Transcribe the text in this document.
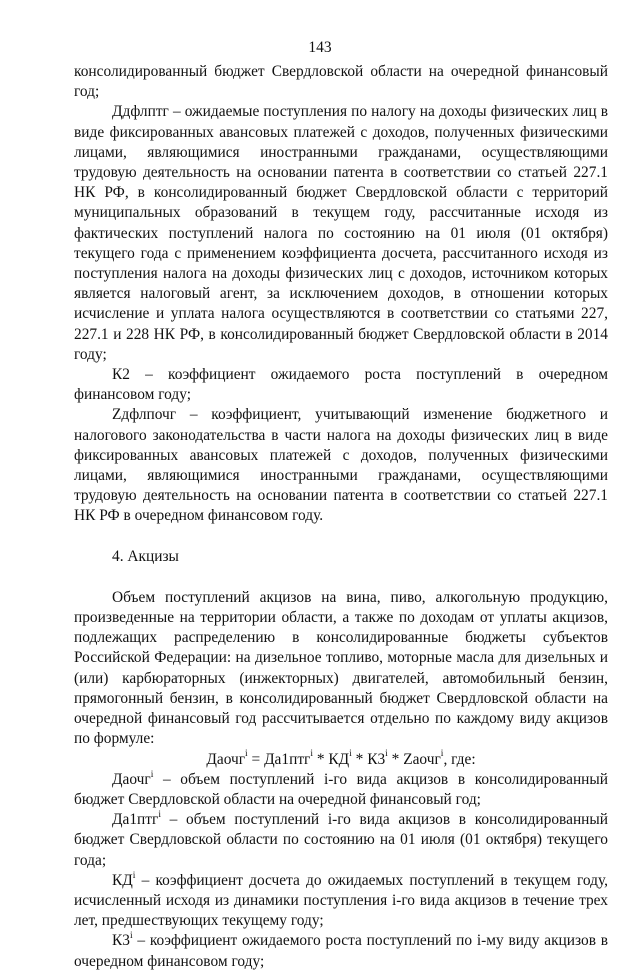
143

консолидированный бюджет Свердловской области на очередной финансовый год;

Ддфлптг – ожидаемые поступления по налогу на доходы физических лиц в виде фиксированных авансовых платежей с доходов, полученных физическими лицами, являющимися иностранными гражданами, осуществляющими трудовую деятельность на основании патента в соответствии со статьей 227.1 НК РФ, в консолидированный бюджет Свердловской области с территорий муниципальных образований в текущем году, рассчитанные исходя из фактических поступлений налога по состоянию на 01 июля (01 октября) текущего года с применением коэффициента досчета, рассчитанного исходя из поступления налога на доходы физических лиц с доходов, источником которых является налоговый агент, за исключением доходов, в отношении которых исчисление и уплата налога осуществляются в соответствии со статьями 227, 227.1 и 228 НК РФ, в консолидированный бюджет Свердловской области в 2014 году;

К2 – коэффициент ожидаемого роста поступлений в очередном финансовом году;

Zдфлпочг – коэффициент, учитывающий изменение бюджетного и налогового законодательства в части налога на доходы физических лиц в виде фиксированных авансовых платежей с доходов, полученных физическими лицами, являющимися иностранными гражданами, осуществляющими трудовую деятельность на основании патента в соответствии со статьей 227.1 НК РФ в очередном финансовом году.

4. Акцизы

Объем поступлений акцизов на вина, пиво, алкогольную продукцию, произведенные на территории области, а также по доходам от уплаты акцизов, подлежащих распределению в консолидированные бюджеты субъектов Российской Федерации: на дизельное топливо, моторные масла для дизельных и (или) карбюраторных (инжекторных) двигателей, автомобильный бензин, прямогонный бензин, в консолидированный бюджет Свердловской области на очередной финансовый год рассчитывается отдельно по каждому виду акцизов по формуле:

Даочг$^i$ = $Да1птг^i * КД^i * К3^i$ * Zаочг$^i$, где:

Даочг$^i$ – объем поступлений i-го вида акцизов в консолидированный бюджет Свердловской области на очередной финансовый год;

Да1птг$^i$ – объем поступлений i-го вида акцизов в консолидированный бюджет Свердловской области по состоянию на 01 июля (01 октября) текущего года;

$КД^i$ – коэффициент досчета до ожидаемых поступлений в текущем году, исчисленный исходя из динамики поступления i-го вида акцизов в течение трех лет, предшествующих текущему году;

К3$^i$ – коэффициент ожидаемого роста поступлений по i-му виду акцизов в очередном финансовом году;
